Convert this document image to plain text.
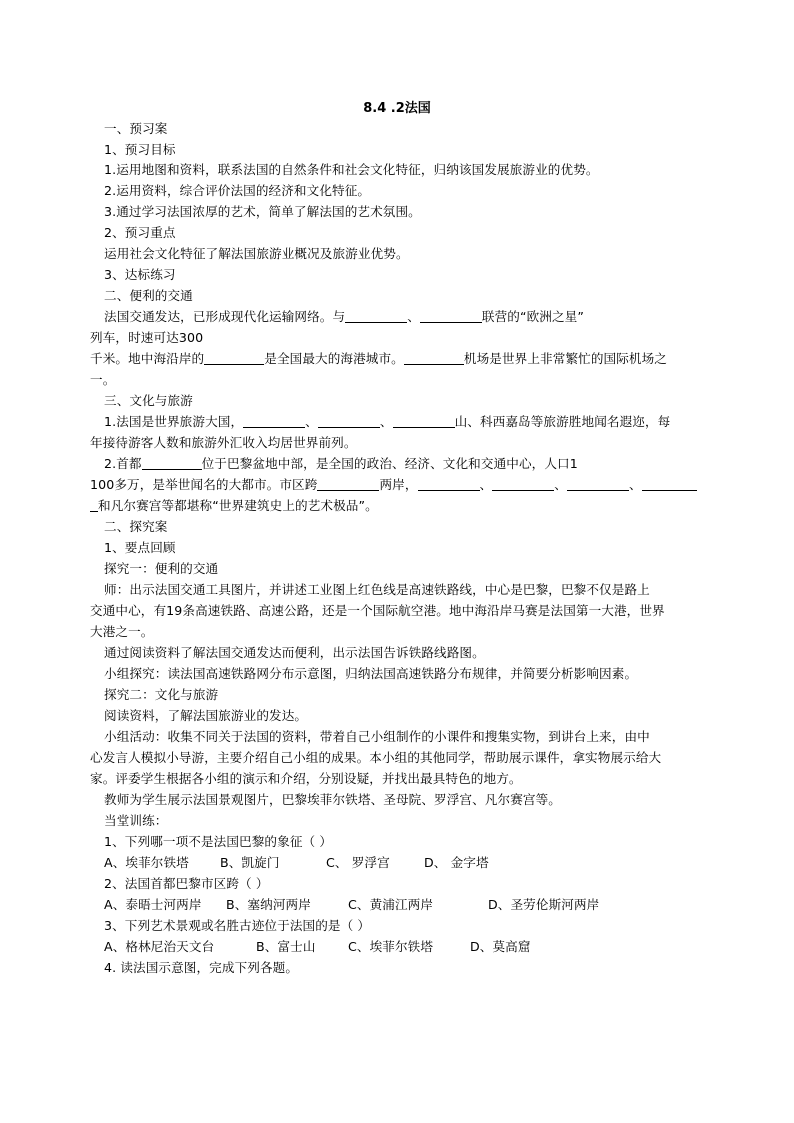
8.4 .2法国
一、预习案
1、预习目标
1.运用地图和资料，联系法国的自然条件和社会文化特征，归纳该国发展旅游业的优势。
2.运用资料，综合评价法国的经济和文化特征。
3.通过学习法国浓厚的艺术，简单了解法国的艺术氛围。
2、预习重点
运用社会文化特征了解法国旅游业概况及旅游业优势。
3、达标练习
二、便利的交通
法国交通发达，已形成现代化运输网络。与	、	联营的“欧洲之星”
列车，时速可达300
千米。地中海沿岸的	是全国最大的海港城市。	机场是世界上非常繁忙的国际机场之
一。
三、文化与旅游
1.法国是世界旅游大国，	、	、	山、科西嘉岛等旅游胜地闻名遐迩，每
年接待游客人数和旅游外汇收入均居世界前列。
2.首都	位于巴黎盆地中部，是全国的政治、经济、文化和交通中心，人口1
100多万，是举世闻名的大都市。市区跨	两岸，	、	、	、
和凡尔赛宫等都堪称“世界建筑史上的艺术极品”。
二、探究案
1、要点回顾
探究一：便利的交通
师：出示法国交通工具图片，并讲述工业图上红色线是高速铁路线，中心是巴黎，巴黎不仅是路上
交通中心，有19条高速铁路、高速公路，还是一个国际航空港。地中海沿岸马赛是法国第一大港，世界
大港之一。
通过阅读资料了解法国交通发达而便利，出示法国告诉铁路线路图。
小组探究：读法国高速铁路网分布示意图，归纳法国高速铁路分布规律，并简要分析影响因素。
探究二：文化与旅游
阅读资料，了解法国旅游业的发达。
小组活动：收集不同关于法国的资料，带着自己小组制作的小课件和搜集实物，到讲台上来，由中
心发言人模拟小导游，主要介绍自己小组的成果。本小组的其他同学，帮助展示课件，拿实物展示给大
家。评委学生根据各小组的演示和介绍，分别设疑，并找出最具特色的地方。
教师为学生展示法国景观图片，巴黎埃菲尔铁塔、圣母院、罗浮宫、凡尔赛宫等。
当堂训练：
1、下列哪一项不是法国巴黎的象征（ ）
A、埃菲尔铁塔 B、凯旋门	C、 罗浮宫	D、 金字塔
2、法国首都巴黎市区跨（ ）
A、泰晤士河两岸 B、塞纳河两岸	C、黄浦江两岸	D、圣劳伦斯河两岸
3、下列艺术景观或名胜古迹位于法国的是（ ）
A、格林尼治天文台	B、富士山	C、埃菲尔铁塔	D、莫高窟
4. 读法国示意图，完成下列各题。
